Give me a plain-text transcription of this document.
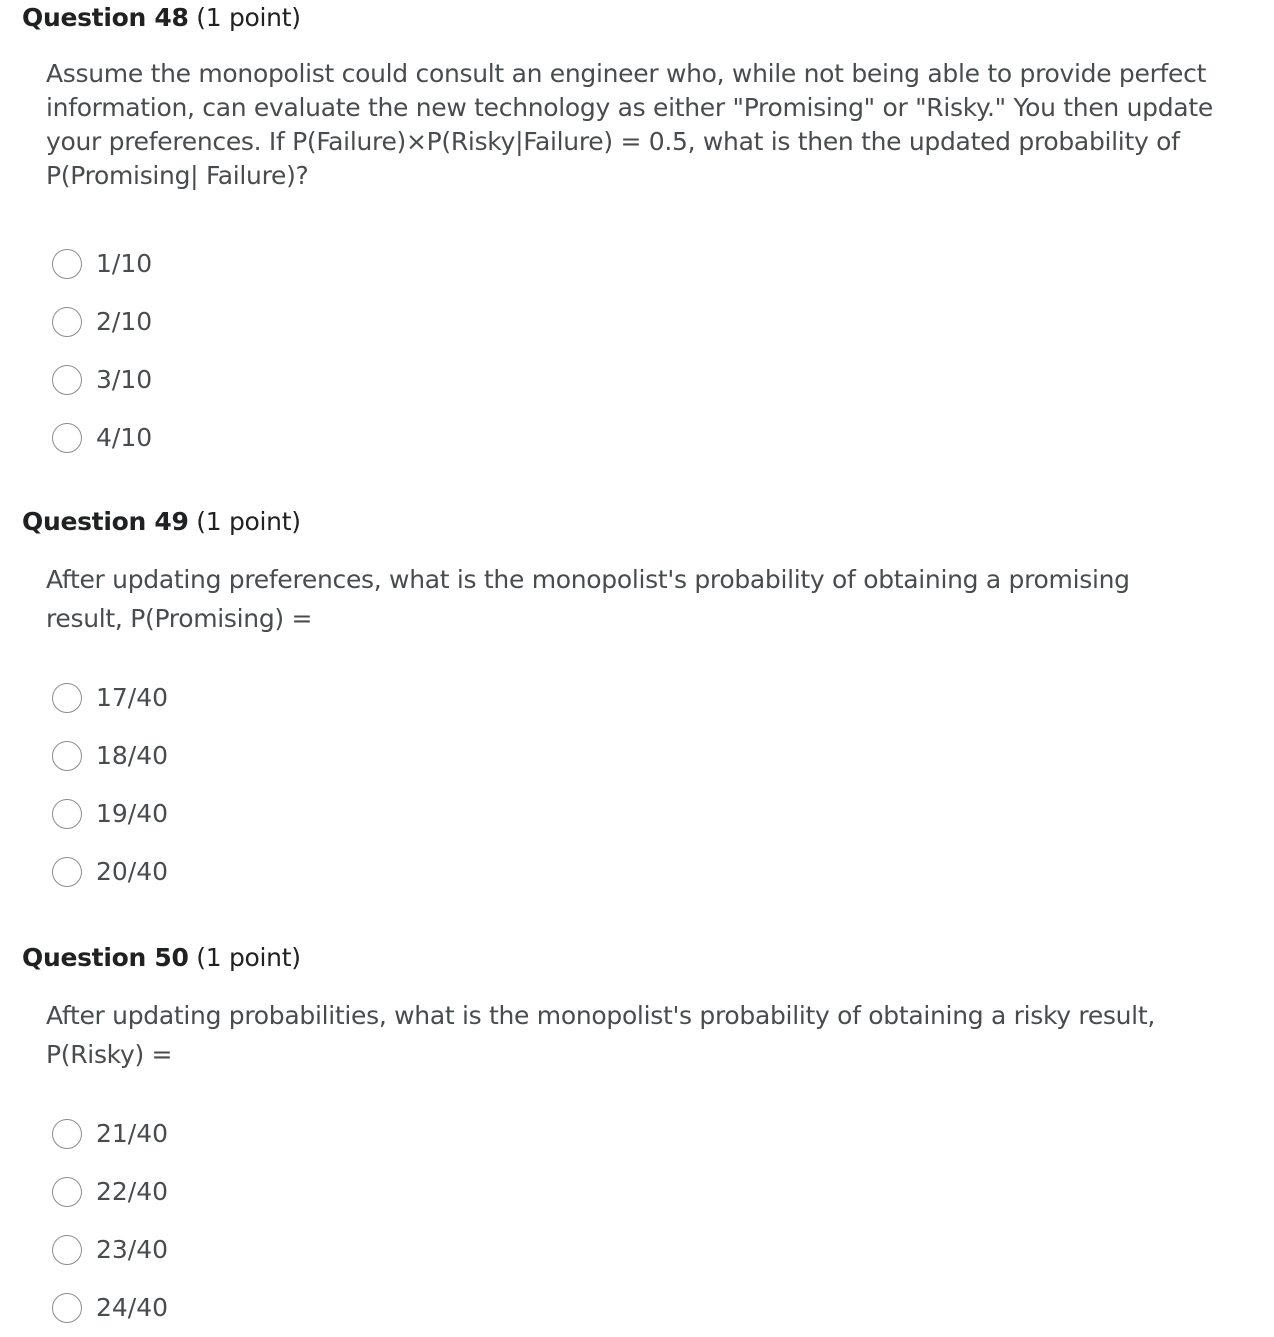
Question 48 (1 point)

Assume the monopolist could consult an engineer who, while not being able to provide perfect information, can evaluate the new technology as either "Promising" or "Risky." You then update your preferences. If P(Failure)×P(Risky|Failure) = 0.5, what is then the updated probability of P(Promising| Failure)?

1/10
2/10
3/10
4/10
Question 49 (1 point)

After updating preferences, what is the monopolist's probability of obtaining a promising result, P(Promising) =

17/40
18/40
19/40
20/40
Question 50 (1 point)

After updating probabilities, what is the monopolist's probability of obtaining a risky result, P(Risky) =

21/40
22/40
23/40
24/40
